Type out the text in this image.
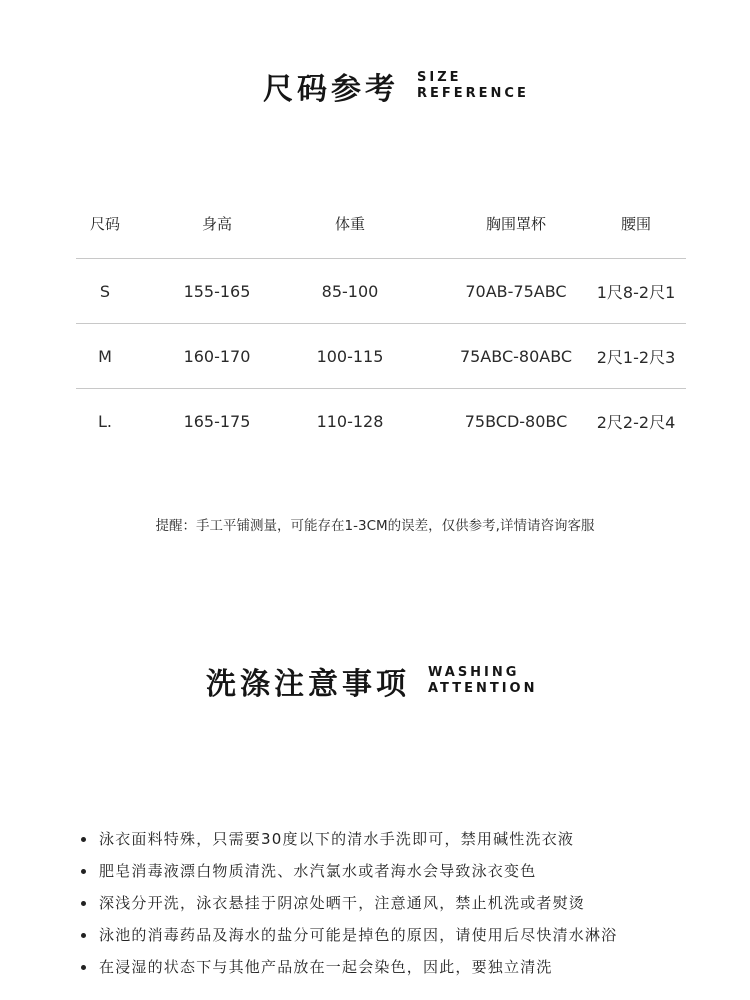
尺码参考 SIZE
REFERENCE
尺码	身高	体重	胸围罩杯	腰围
S	155-165	85-100	70AB-75ABC	1尺8-2尺1
M	160-170	100-115	75ABC-80ABC	2尺1-2尺3
L.	165-175	110-128	75BCD-80BC	2尺2-2尺4
提醒：手工平铺测量，可能存在1-3CM的误差，仅供参考,详情请咨询客服
洗涤注意事项 WASHING
ATTENTION
泳衣面料特殊，只需要30度以下的清水手洗即可，禁用碱性洗衣液
肥皂消毒液漂白物质清洗、水汽氯水或者海水会导致泳衣变色
深浅分开洗，泳衣悬挂于阴凉处晒干，注意通风，禁止机洗或者熨烫
泳池的消毒药品及海水的盐分可能是掉色的原因，请使用后尽快清水淋浴
在浸湿的状态下与其他产品放在一起会染色，因此，要独立清洗
